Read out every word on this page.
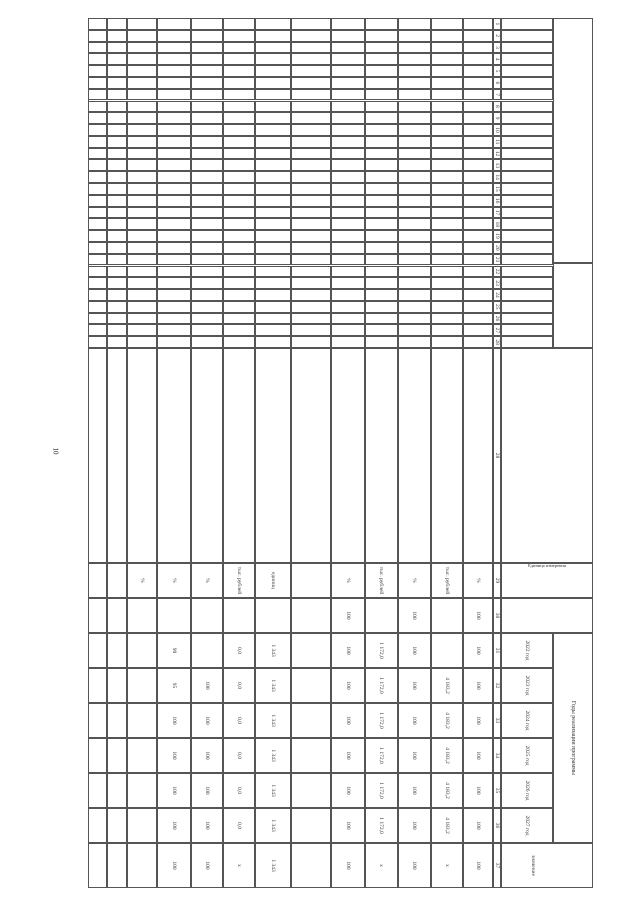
10
Единица измерения
Годы реализации программы
значение
1
2
3
4
5
6
7
8
9
10
11
12
13
14
15
16
17
18
19
20
21
22
23
24
25
26
27
28
2022 год
2023 год
2024 год
2025 год
2026 год
2027 год
28
29
30
31
32
33
34
35
36
37
%
100
100
100
100
100
100
100
100
тыс. рублей
4 183,2
4 183,2
4 183,2
4 183,2
4 183,2
x
%
100
100
100
100
100
100
100
100
тыс. рублей
1 172,0
1 172,0
1 172,0
1 172,0
1 172,0
1 172,0
x
%
100
100
100
100
100
100
100
100
единиц
1 343
1 343
1 343
1 343
1 343
1 343
1 343
тыс. рублей
0,0
0,0
0,0
0,0
0,0
0,0
x
%
100
100
100
100
100
100
%
90
95
100
100
100
100
100
%
